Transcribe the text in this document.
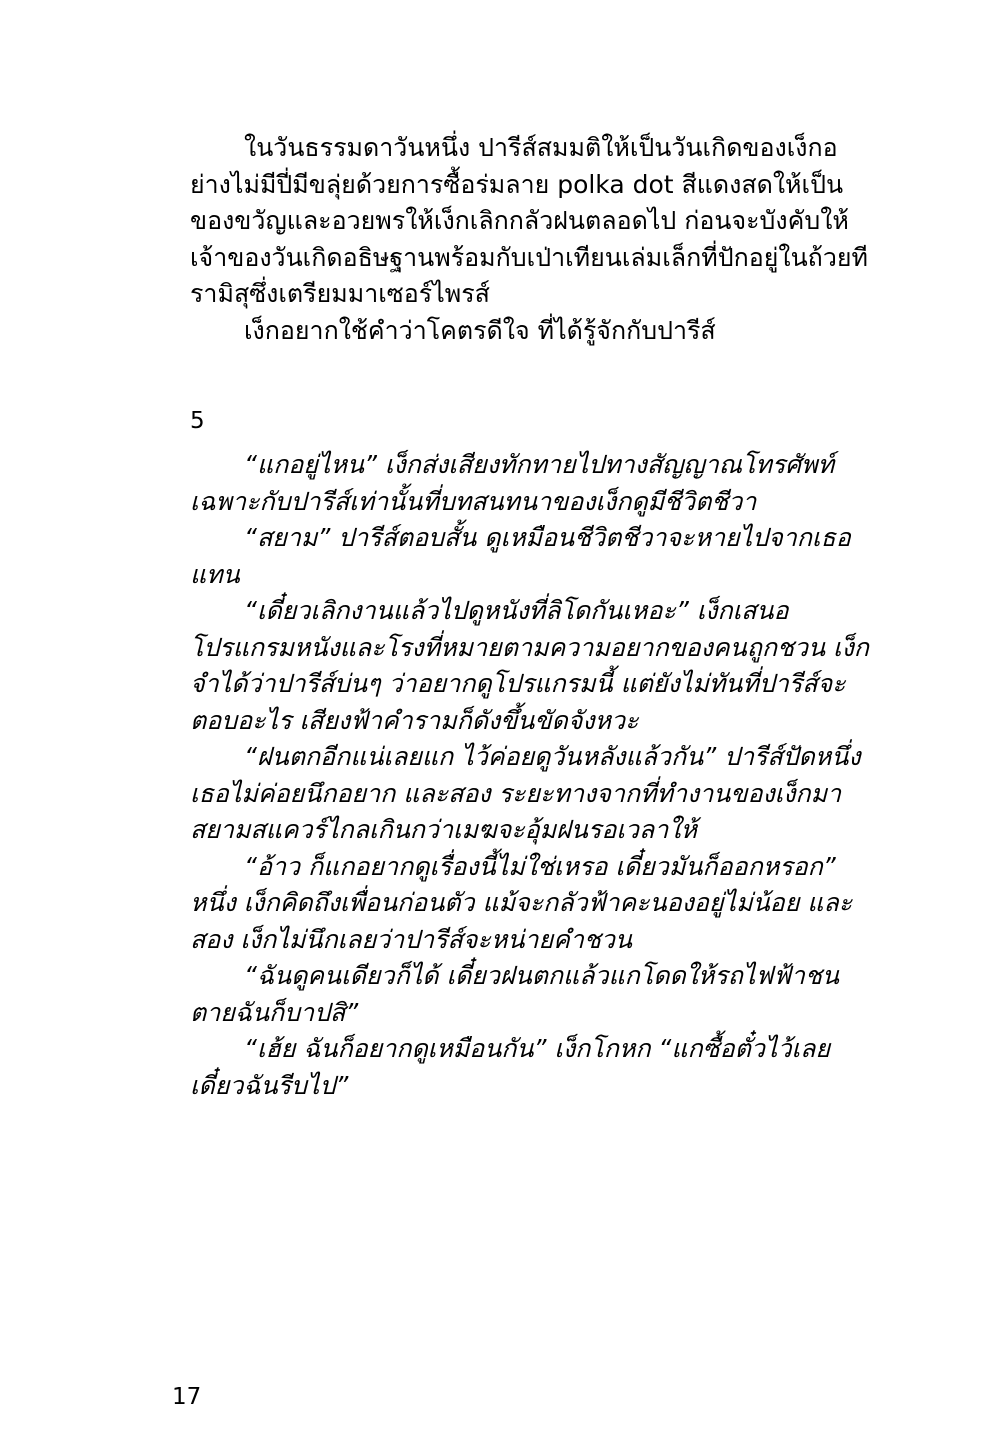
ในวันธรรมดาวันหนึ่ง ปารีส์สมมติให้เป็นวันเกิดของเง็กอย่างไม่มีปี่มีขลุ่ยด้วยการซื้อร่มลาย polka dot สีแดงสดให้เป็นของขวัญและอวยพรให้เง็กเลิกกลัวฝนตลอดไป ก่อนจะบังคับให้เจ้าของวันเกิดอธิษฐานพร้อมกับเป่าเทียนเล่มเล็กที่ปักอยู่ในถ้วยทีรามิสุซึ่งเตรียมมาเซอร์ไพรส์

เง็กอยากใช้คำว่าโคตรดีใจ ที่ได้รู้จักกับปารีส์

5

“แกอยู่ไหน” เง็กส่งเสียงทักทายไปทางสัญญาณโทรศัพท์เฉพาะกับปารีส์เท่านั้นที่บทสนทนาของเง็กดูมีชีวิตชีวา

“สยาม” ปารีส์ตอบสั้น ดูเหมือนชีวิตชีวาจะหายไปจากเธอแทน

“เดี๋ยวเลิกงานแล้วไปดูหนังที่ลิโดกันเหอะ” เง็กเสนอโปรแกรมหนังและโรงที่หมายตามความอยากของคนถูกชวน เง็กจำได้ว่าปารีส์บ่นๆ ว่าอยากดูโปรแกรมนี้ แต่ยังไม่ทันที่ปารีส์จะตอบอะไร เสียงฟ้าคำรามก็ดังขึ้นขัดจังหวะ

“ฝนตกอีกแน่เลยแก ไว้ค่อยดูวันหลังแล้วกัน” ปารีส์ปัดหนึ่ง เธอไม่ค่อยนึกอยาก และสอง ระยะทางจากที่ทำงานของเง็กมาสยามสแควร์ไกลเกินกว่าเมฆจะอุ้มฝนรอเวลาให้

“อ้าว ก็แกอยากดูเรื่องนี้ไม่ใช่เหรอ เดี๋ยวมันก็ออกหรอก” หนึ่ง เง็กคิดถึงเพื่อนก่อนตัว แม้จะกลัวฟ้าคะนองอยู่ไม่น้อย และสอง เง็กไม่นึกเลยว่าปารีส์จะหน่ายคำชวน

“ฉันดูคนเดียวก็ได้ เดี๋ยวฝนตกแล้วแกโดดให้รถไฟฟ้าชนตายฉันก็บาปสิ”

“เฮ้ย ฉันก็อยากดูเหมือนกัน” เง็กโกหก “แกซื้อตั๋วไว้เลย เดี๋ยวฉันรีบไป”

17
